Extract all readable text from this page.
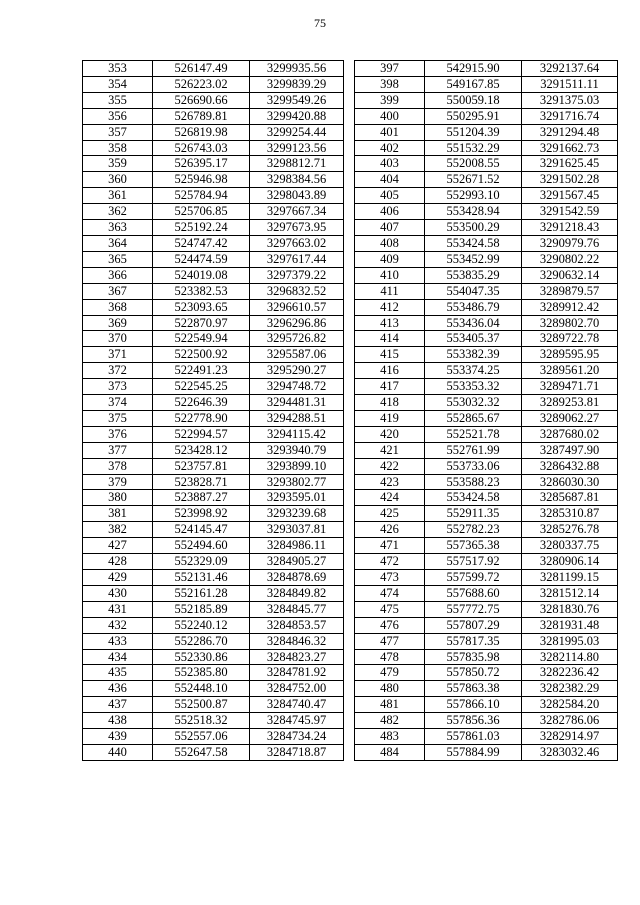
75
353	526147.49	3299935.56
354	526223.02	3299839.29
355	526690.66	3299549.26
356	526789.81	3299420.88
357	526819.98	3299254.44
358	526743.03	3299123.56
359	526395.17	3298812.71
360	525946.98	3298384.56
361	525784.94	3298043.89
362	525706.85	3297667.34
363	525192.24	3297673.95
364	524747.42	3297663.02
365	524474.59	3297617.44
366	524019.08	3297379.22
367	523382.53	3296832.52
368	523093.65	3296610.57
369	522870.97	3296296.86
370	522549.94	3295726.82
371	522500.92	3295587.06
372	522491.23	3295290.27
373	522545.25	3294748.72
374	522646.39	3294481.31
375	522778.90	3294288.51
376	522994.57	3294115.42
377	523428.12	3293940.79
378	523757.81	3293899.10
379	523828.71	3293802.77
380	523887.27	3293595.01
381	523998.92	3293239.68
382	524145.47	3293037.81
427	552494.60	3284986.11
428	552329.09	3284905.27
429	552131.46	3284878.69
430	552161.28	3284849.82
431	552185.89	3284845.77
432	552240.12	3284853.57
433	552286.70	3284846.32
434	552330.86	3284823.27
435	552385.80	3284781.92
436	552448.10	3284752.00
437	552500.87	3284740.47
438	552518.32	3284745.97
439	552557.06	3284734.24
440	552647.58	3284718.87
397	542915.90	3292137.64
398	549167.85	3291511.11
399	550059.18	3291375.03
400	550295.91	3291716.74
401	551204.39	3291294.48
402	551532.29	3291662.73
403	552008.55	3291625.45
404	552671.52	3291502.28
405	552993.10	3291567.45
406	553428.94	3291542.59
407	553500.29	3291218.43
408	553424.58	3290979.76
409	553452.99	3290802.22
410	553835.29	3290632.14
411	554047.35	3289879.57
412	553486.79	3289912.42
413	553436.04	3289802.70
414	553405.37	3289722.78
415	553382.39	3289595.95
416	553374.25	3289561.20
417	553353.32	3289471.71
418	553032.32	3289253.81
419	552865.67	3289062.27
420	552521.78	3287680.02
421	552761.99	3287497.90
422	553733.06	3286432.88
423	553588.23	3286030.30
424	553424.58	3285687.81
425	552911.35	3285310.87
426	552782.23	3285276.78
471	557365.38	3280337.75
472	557517.92	3280906.14
473	557599.72	3281199.15
474	557688.60	3281512.14
475	557772.75	3281830.76
476	557807.29	3281931.48
477	557817.35	3281995.03
478	557835.98	3282114.80
479	557850.72	3282236.42
480	557863.38	3282382.29
481	557866.10	3282584.20
482	557856.36	3282786.06
483	557861.03	3282914.97
484	557884.99	3283032.46
